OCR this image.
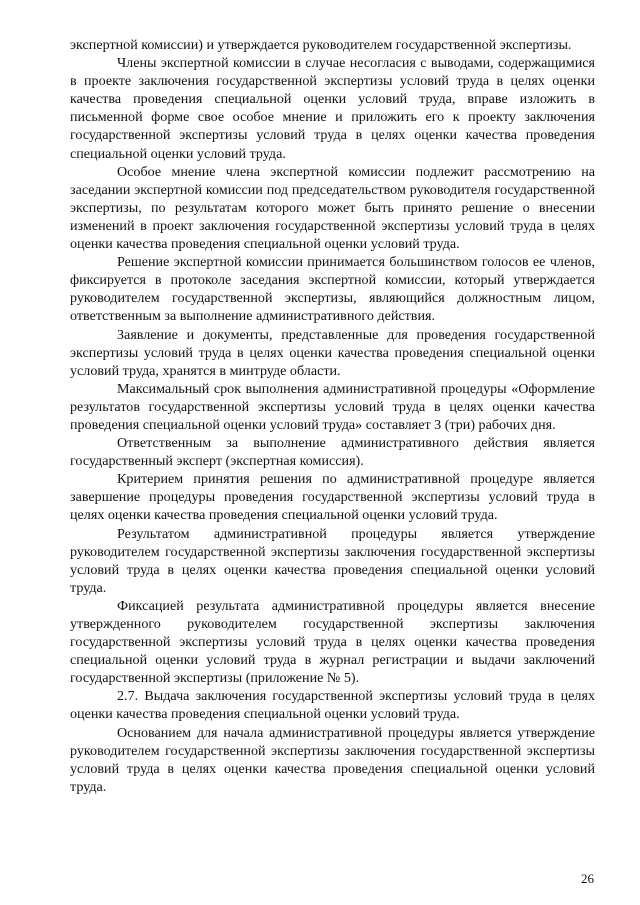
экспертной комиссии) и утверждается руководителем государственной экспертизы.

Члены экспертной комиссии в случае несогласия с выводами, содержащимися в проекте заключения государственной экспертизы условий труда в целях оценки качества проведения специальной оценки условий труда, вправе изложить в письменной форме свое особое мнение и приложить его к проекту заключения государственной экспертизы условий труда в целях оценки качества проведения специальной оценки условий труда.

Особое мнение члена экспертной комиссии подлежит рассмотрению на заседании экспертной комиссии под председательством руководителя государственной экспертизы, по результатам которого может быть принято решение о внесении изменений в проект заключения государственной экспертизы условий труда в целях оценки качества проведения специальной оценки условий труда.

Решение экспертной комиссии принимается большинством голосов ее членов, фиксируется в протоколе заседания экспертной комиссии, который утверждается руководителем государственной экспертизы, являющийся должностным лицом, ответственным за выполнение административного действия.

Заявление и документы, представленные для проведения государственной экспертизы условий труда в целях оценки качества проведения специальной оценки условий труда, хранятся в минтруде области.

Максимальный срок выполнения административной процедуры «Оформление результатов государственной экспертизы условий труда в целях оценки качества проведения специальной оценки условий труда» составляет 3 (три) рабочих дня.

Ответственным за выполнение административного действия является государственный эксперт (экспертная комиссия).

Критерием принятия решения по административной процедуре является завершение процедуры проведения государственной экспертизы условий труда в целях оценки качества проведения специальной оценки условий труда.

Результатом административной процедуры является утверждение руководителем государственной экспертизы заключения государственной экспертизы условий труда в целях оценки качества проведения специальной оценки условий труда.

Фиксацией результата административной процедуры является внесение утвержденного руководителем государственной экспертизы заключения государственной экспертизы условий труда в целях оценки качества проведения специальной оценки условий труда в журнал регистрации и выдачи заключений государственной экспертизы (приложение № 5).

2.7. Выдача заключения государственной экспертизы условий труда в целях оценки качества проведения специальной оценки условий труда.

Основанием для начала административной процедуры является утверждение руководителем государственной экспертизы заключения государственной экспертизы условий труда в целях оценки качества проведения специальной оценки условий труда.

26
